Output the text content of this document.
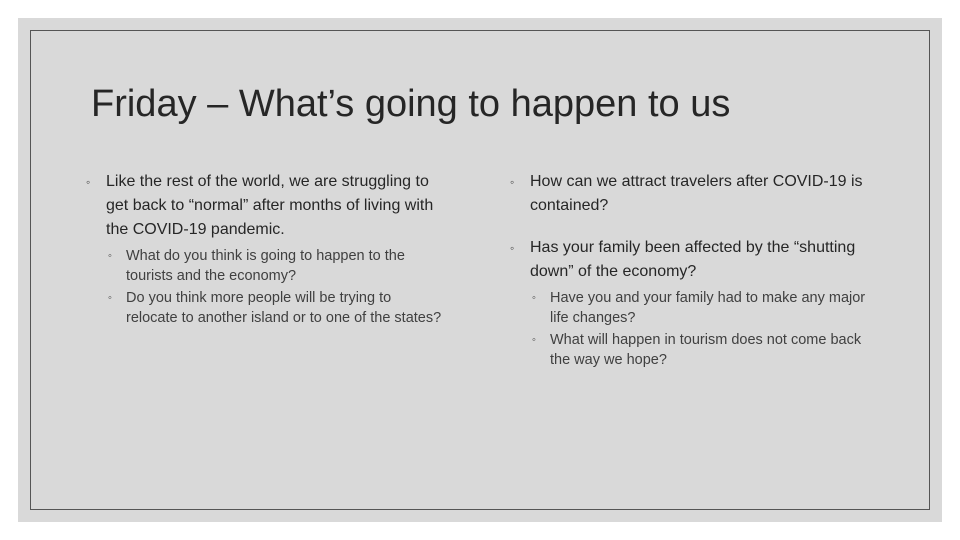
Friday – What’s going to happen to us
◦ Like the rest of the world, we are struggling to get back to “normal” after months of living with the COVID-19 pandemic.
◦ What do you think is going to happen to the tourists and the economy?
◦ Do you think more people will be trying to relocate to another island or to one of the states?
◦ How can we attract travelers after COVID-19 is contained?
◦ Has your family been affected by the “shutting down” of the economy?
◦ Have you and your family had to make any major life changes?
◦ What will happen in tourism does not come back the way we hope?
